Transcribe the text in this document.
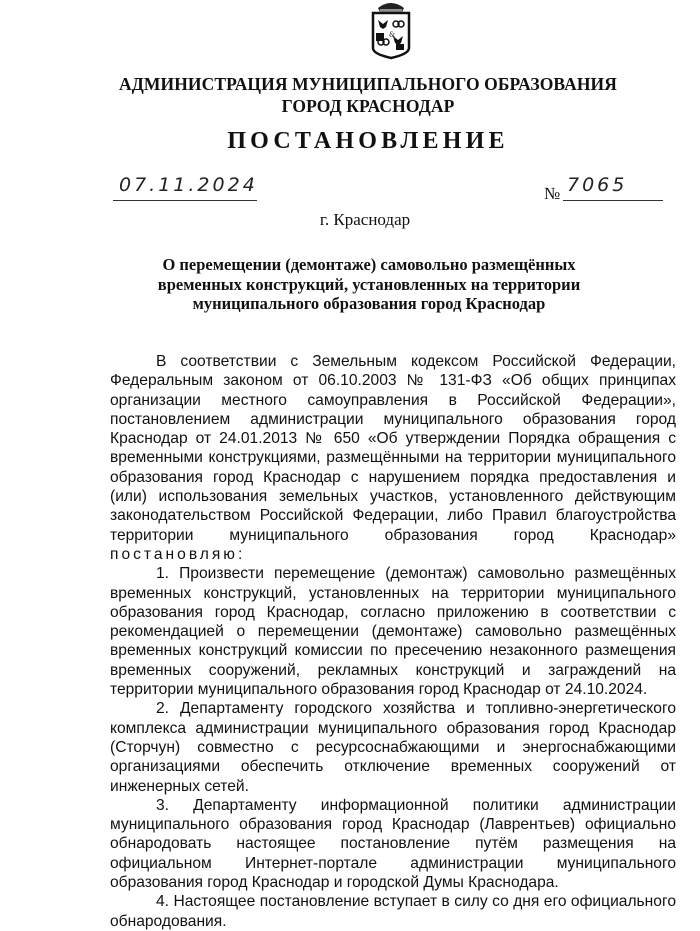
&
АДМИНИСТРАЦИЯ МУНИЦИПАЛЬНОГО ОБРАЗОВАНИЯ
ГОРОД КРАСНОДАР
ПОСТАНОВЛЕНИЕ
07.11.2024	№ 7065
г. Краснодар
О перемещении (демонтаже) самовольно размещённых
временных конструкций, установленных на территории
муниципального образования город Краснодар

В соответствии с Земельным кодексом Российской Федерации, Федеральным законом от 06.10.2003 № 131-ФЗ «Об общих принципах организации местного самоуправления в Российской Федерации», постановлением администрации муниципального образования город Краснодар от 24.01.2013 № 650 «Об утверждении Порядка обращения с временными конструкциями, размещёнными на территории муниципального образования город Краснодар с нарушением порядка предоставления и (или) использования земельных участков, установленного действующим законодательством Российской Федерации, либо Правил благоустройства территории муниципального образования город Краснодар» постановляю:

1. Произвести перемещение (демонтаж) самовольно размещённых временных конструкций, установленных на территории муниципального образования город Краснодар, согласно приложению в соответствии с рекомендацией о перемещении (демонтаже) самовольно размещённых временных конструкций комиссии по пресечению незаконного размещения временных сооружений, рекламных конструкций и заграждений на территории муниципального образования город Краснодар от 24.10.2024.

2. Департаменту городского хозяйства и топливно-энергетического комплекса администрации муниципального образования город Краснодар (Сторчун) совместно с ресурсоснабжающими и энергоснабжающими организациями обеспечить отключение временных сооружений от инженерных сетей.

3. Департаменту информационной политики администрации муниципального образования город Краснодар (Лаврентьев) официально обнародовать настоящее постановление путём размещения на официальном Интернет-портале администрации муниципального образования город Краснодар и городской Думы Краснодара.

4. Настоящее постановление вступает в силу со дня его официального обнародования.
